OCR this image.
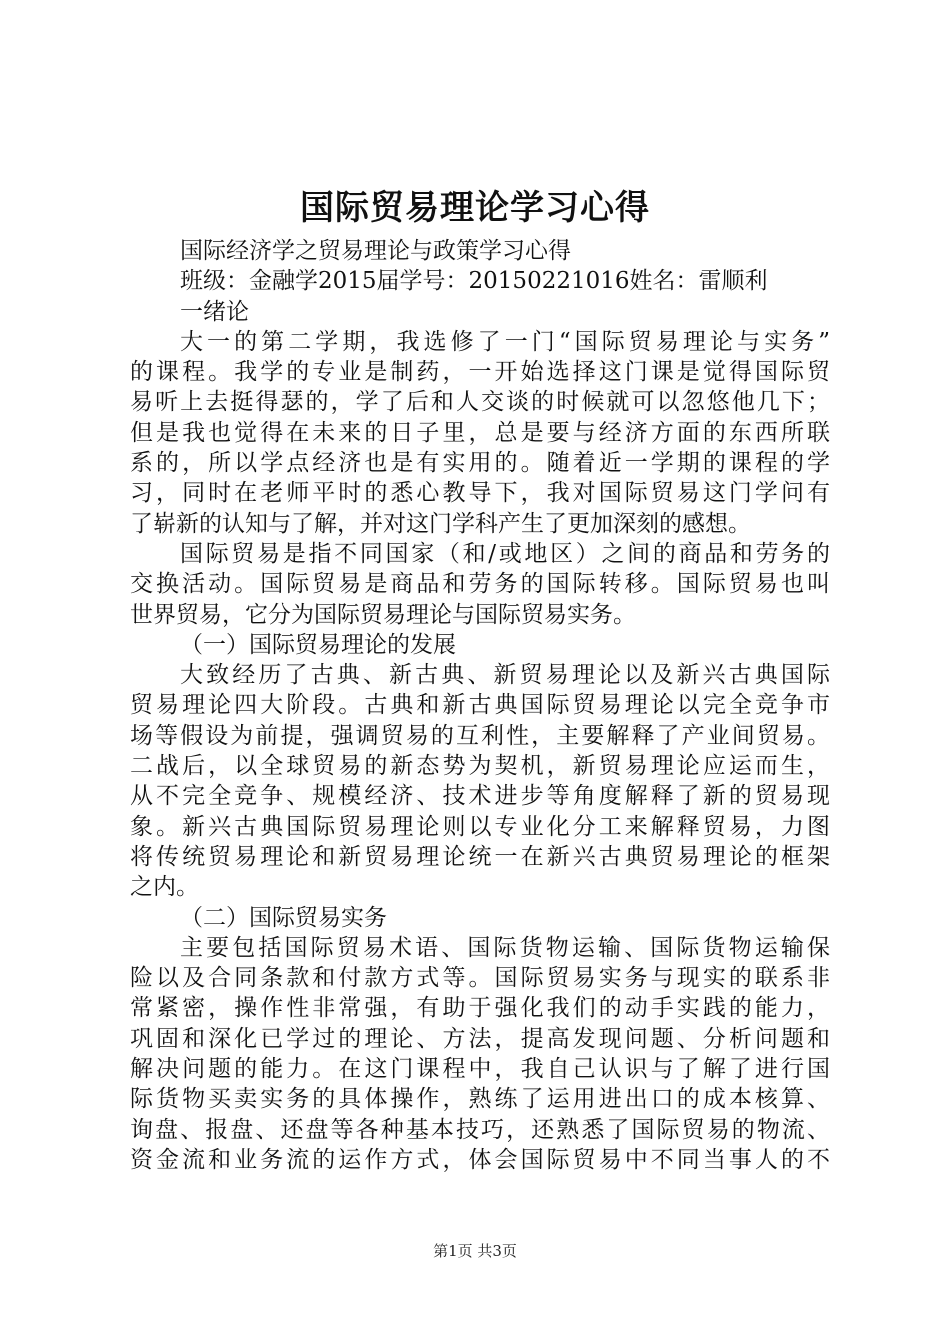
国际贸易理论学习心得
国际经济学之贸易理论与政策学习心得
班级：金融学2015届学号：20150221016姓名：雷顺利
一绪论
大一的第二学期，我选修了一门“国际贸易理论与实务”
的课程。我学的专业是制药，一开始选择这门课是觉得国际贸
易听上去挺得瑟的，学了后和人交谈的时候就可以忽悠他几下；
但是我也觉得在未来的日子里，总是要与经济方面的东西所联
系的，所以学点经济也是有实用的。随着近一学期的课程的学
习，同时在老师平时的悉心教导下，我对国际贸易这门学问有
了崭新的认知与了解，并对这门学科产生了更加深刻的感想。
国际贸易是指不同国家（和/或地区）之间的商品和劳务的
交换活动。国际贸易是商品和劳务的国际转移。国际贸易也叫
世界贸易，它分为国际贸易理论与国际贸易实务。
（一）国际贸易理论的发展
大致经历了古典、新古典、新贸易理论以及新兴古典国际
贸易理论四大阶段。古典和新古典国际贸易理论以完全竞争市
场等假设为前提，强调贸易的互利性，主要解释了产业间贸易。
二战后，以全球贸易的新态势为契机，新贸易理论应运而生，
从不完全竞争、规模经济、技术进步等角度解释了新的贸易现
象。新兴古典国际贸易理论则以专业化分工来解释贸易，力图
将传统贸易理论和新贸易理论统一在新兴古典贸易理论的框架
之内。
（二）国际贸易实务
主要包括国际贸易术语、国际货物运输、国际货物运输保
险以及合同条款和付款方式等。国际贸易实务与现实的联系非
常紧密，操作性非常强，有助于强化我们的动手实践的能力，
巩固和深化已学过的理论、方法，提高发现问题、分析问题和
解决问题的能力。在这门课程中，我自己认识与了解了进行国
际货物买卖实务的具体操作，熟练了运用进出口的成本核算、
询盘、报盘、还盘等各种基本技巧，还熟悉了国际贸易的物流、
资金流和业务流的运作方式，体会国际贸易中不同当事人的不
第1页 共3页
